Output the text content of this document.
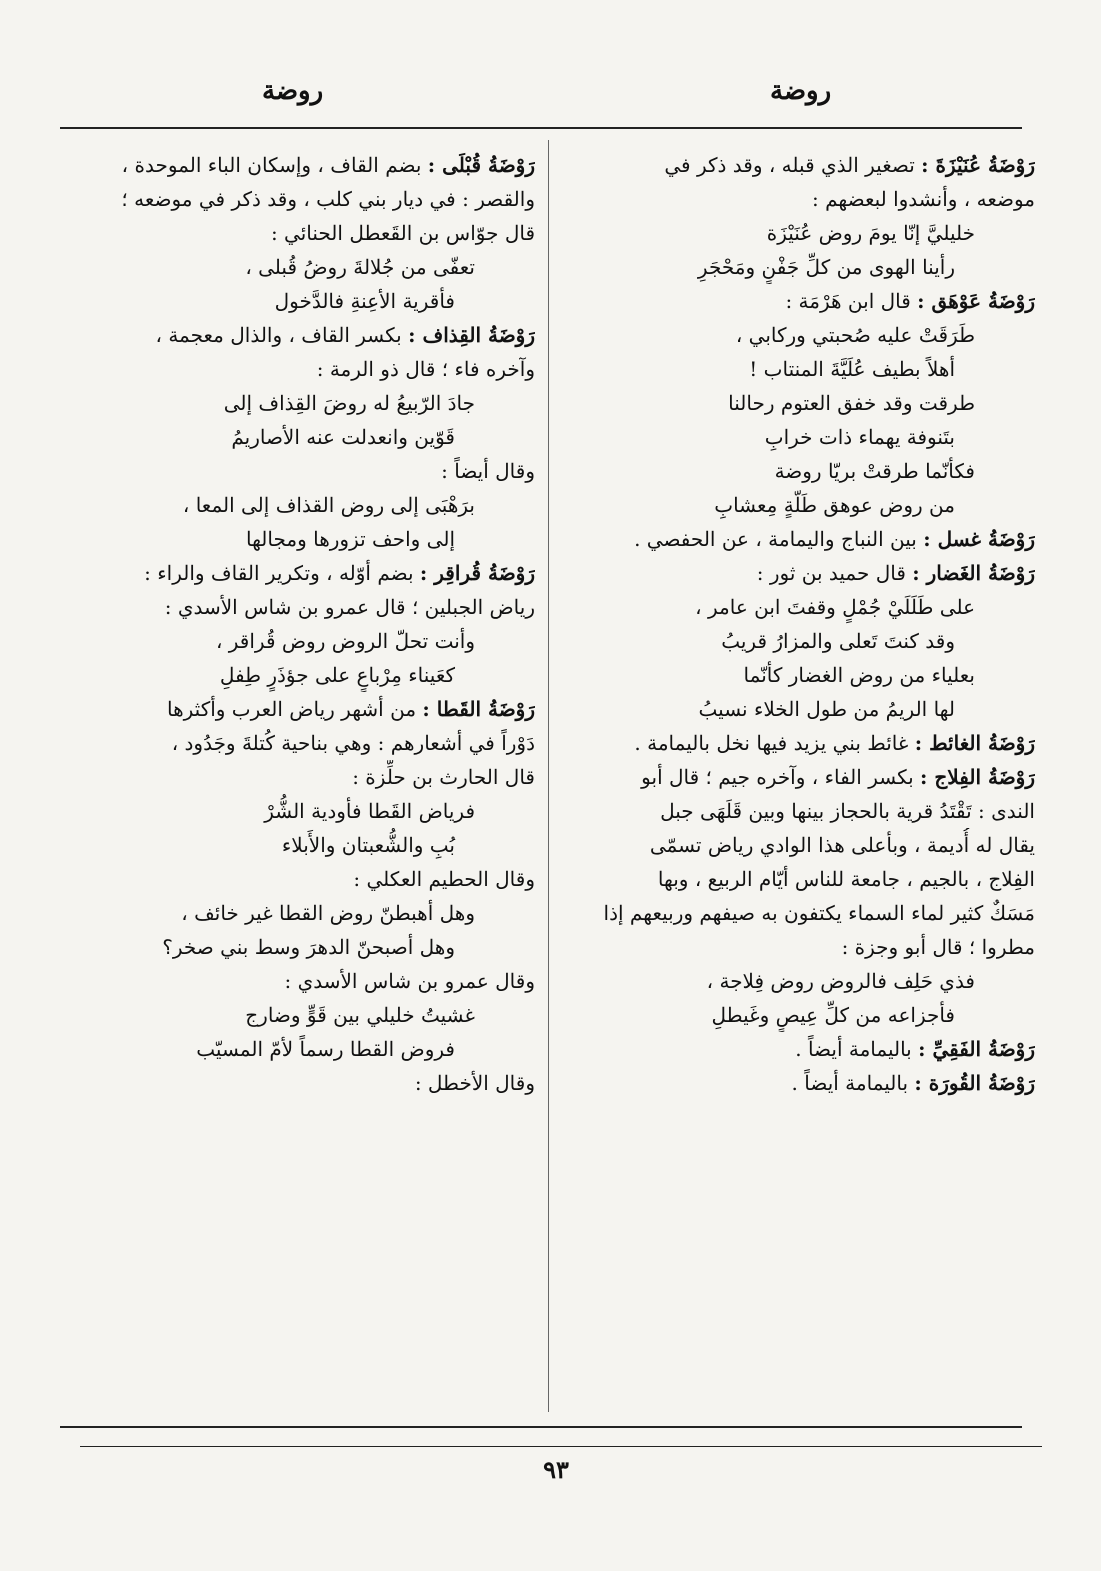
روضة
روضة
رَوْضَةُ عُنَيْزَةَ : تصغير الذي قبله ، وقد ذكر في
موضعه ، وأنشدوا لبعضهم :
خليليَّ إنّا يومَ روض عُنَيْزَة
رأينا الهوى من كلِّ جَفْنٍ ومَحْجَرِ
رَوْضَةُ عَوْهَق : قال ابن هَرْمَة :
طَرَقَتْ عليه صُحبتي وركابي ،
أهلاً بطيف عُلَيَّةَ المنتاب !
طرقت وقد خفق العتوم رحالنا
بتَنوفة يهماء ذات خرابِ
فكأنّما طرقتْ بريّا روضة
من روض عوهق طَلّةٍ مِعشابِ
رَوْضَةُ غسل : بين النباج واليمامة ، عن الحفصي .
رَوْضَةُ الغَضار : قال حميد بن ثور :
على طَلَلَيْ جُمْلٍ وقفتَ ابن عامر ،
وقد كنتَ تَعلى والمزارُ قريبُ
بعلياء من روض الغضار كأنّما
لها الريمُ من طول الخلاء نسيبُ
رَوْضَةُ الغائط : غائط بني يزيد فيها نخل باليمامة .
رَوْضَةُ الفِلاج : بكسر الفاء ، وآخره جيم ؛ قال أبو
الندى : تَقْتَدُ قرية بالحجاز بينها وبين قَلَهَى جبل
يقال له أُديمة ، وبأعلى هذا الوادي رياض تسمّى
الفِلاج ، بالجيم ، جامعة للناس أيّام الربيع ، وبها
مَسَكٌ كثير لماء السماء يكتفون به صيفهم وربيعهم إذا
مطروا ؛ قال أبو وجزة :
فذي حَلِف فالروض روض فِلاجة ،
فأجزاعه من كلِّ عِيصٍ وغَيطلِ
رَوْضَةُ الفَقِيِّ : باليمامة أيضاً .
رَوْضَةُ القُورَة : باليمامة أيضاً .
رَوْضَةُ قُبْلَى : بضم القاف ، وإسكان الباء الموحدة ،
والقصر : في ديار بني كلب ، وقد ذكر في موضعه ؛
قال جوّاس بن القَعطل الحنائي :
تعفّى من جُلالةَ روضُ قُبلى ،
فأقرية الأعِنةِ فالدَّخول
رَوْضَةُ القِذاف : بكسر القاف ، والذال معجمة ،
وآخره فاء ؛ قال ذو الرمة :
جادَ الرّبيعُ له روضَ القِذاف إلى
قَوّين وانعدلت عنه الأصاريمُ
وقال أيضاً :
برَهْبَى إلى روض القذاف إلى المعا ،
إلى واحف تزورها ومجالها
رَوْضَةُ قُراقِر : بضم أوّله ، وتكرير القاف والراء :
رياض الجبلين ؛ قال عمرو بن شاس الأسدي :
وأنت تحلّ الروض روض قُراقر ،
كعَيناء مِرْباعٍ على جؤذَرٍ طِفلِ
رَوْضَةُ القَطا : من أشهر رياض العرب وأكثرها
دَوْراً في أشعارهم : وهي بناحية كُتلةَ وجَدُود ،
قال الحارث بن حلِّزة :
فرياض القَطا فأودية الشُّرْ
بُبِ والشُّعبتان والأَبلاء
وقال الحطيم العكلي :
وهل أهبطنّ روض القطا غير خائف ،
وهل أصبحنّ الدهرَ وسط بني صخر؟
وقال عمرو بن شاس الأسدي :
غشيتُ خليلي بين قَوٍّ وضارج
فروض القطا رسماً لأمّ المسيّب
وقال الأخطل :
٩٣
